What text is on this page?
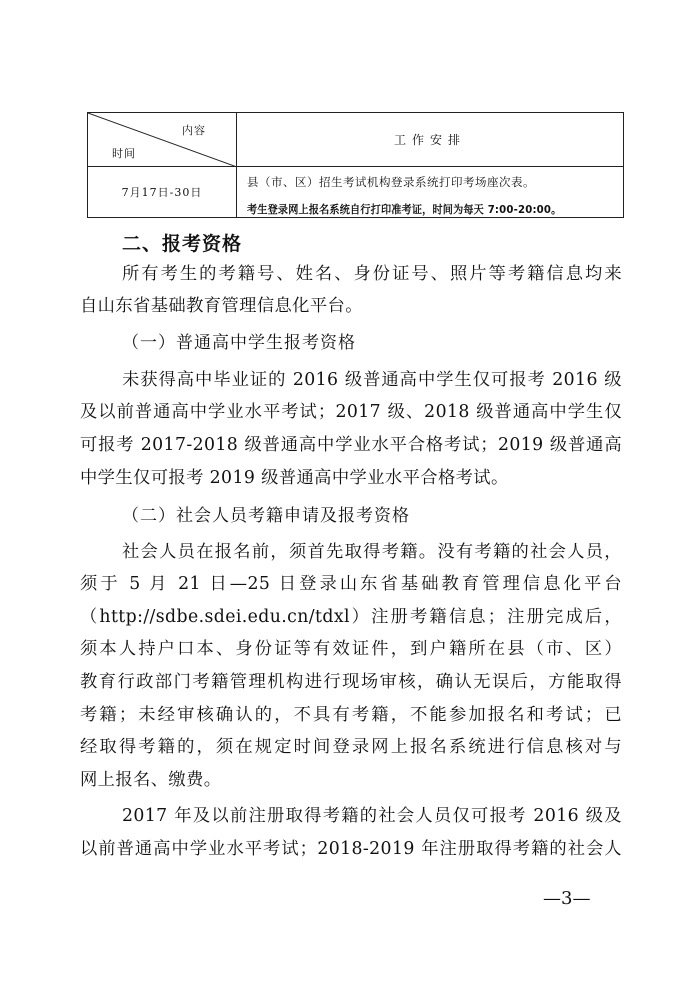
内容
时间	工作安排
7月17日-30日	县（市、区）招生考试机构登录系统打印考场座次表。
考生登录网上报名系统自行打印准考证，时间为每天 7:00-20:00。
二、报考资格
所有考生的考籍号、姓名、身份证号、照片等考籍信息均来
自山东省基础教育管理信息化平台。
（一）普通高中学生报考资格
未获得高中毕业证的 2016 级普通高中学生仅可报考 2016 级
及以前普通高中学业水平考试；2017 级、2018 级普通高中学生仅
可报考 2017-2018 级普通高中学业水平合格考试；2019 级普通高
中学生仅可报考 2019 级普通高中学业水平合格考试。
（二）社会人员考籍申请及报考资格
社会人员在报名前，须首先取得考籍。没有考籍的社会人员，
须于 5 月 21 日—25 日登录山东省基础教育管理信息化平台
（http://sdbe.sdei.edu.cn/tdxl）注册考籍信息；注册完成后，
须本人持户口本、身份证等有效证件，到户籍所在县（市、区）
教育行政部门考籍管理机构进行现场审核，确认无误后，方能取得
考籍；未经审核确认的，不具有考籍，不能参加报名和考试；已
经取得考籍的，须在规定时间登录网上报名系统进行信息核对与
网上报名、缴费。
2017 年及以前注册取得考籍的社会人员仅可报考 2016 级及
以前普通高中学业水平考试；2018-2019 年注册取得考籍的社会人
—3—
